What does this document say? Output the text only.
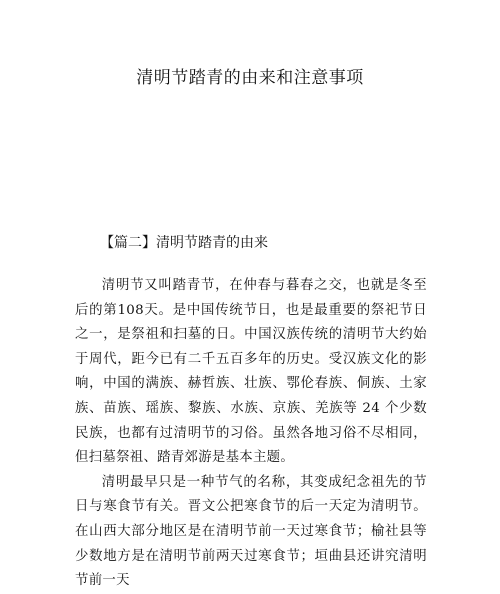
清明节踏青的由来和注意事项
【篇二】清明节踏青的由来

清明节又叫踏青节，在仲春与暮春之交，也就是冬至后的第108天。是中国传统节日，也是最重要的祭祀节日之一，是祭祖和扫墓的日。中国汉族传统的清明节大约始于周代，距今已有二千五百多年的历史。受汉族文化的影响，中国的满族、赫哲族、壮族、鄂伦春族、侗族、土家族、苗族、瑶族、黎族、水族、京族、羌族等 24 个少数民族，也都有过清明节的习俗。虽然各地习俗不尽相同，但扫墓祭祖、踏青郊游是基本主题。

清明最早只是一种节气的名称，其变成纪念祖先的节日与寒食节有关。晋文公把寒食节的后一天定为清明节。在山西大部分地区是在清明节前一天过寒食节；榆社县等少数地方是在清明节前两天过寒食节；垣曲县还讲究清明节前一天
